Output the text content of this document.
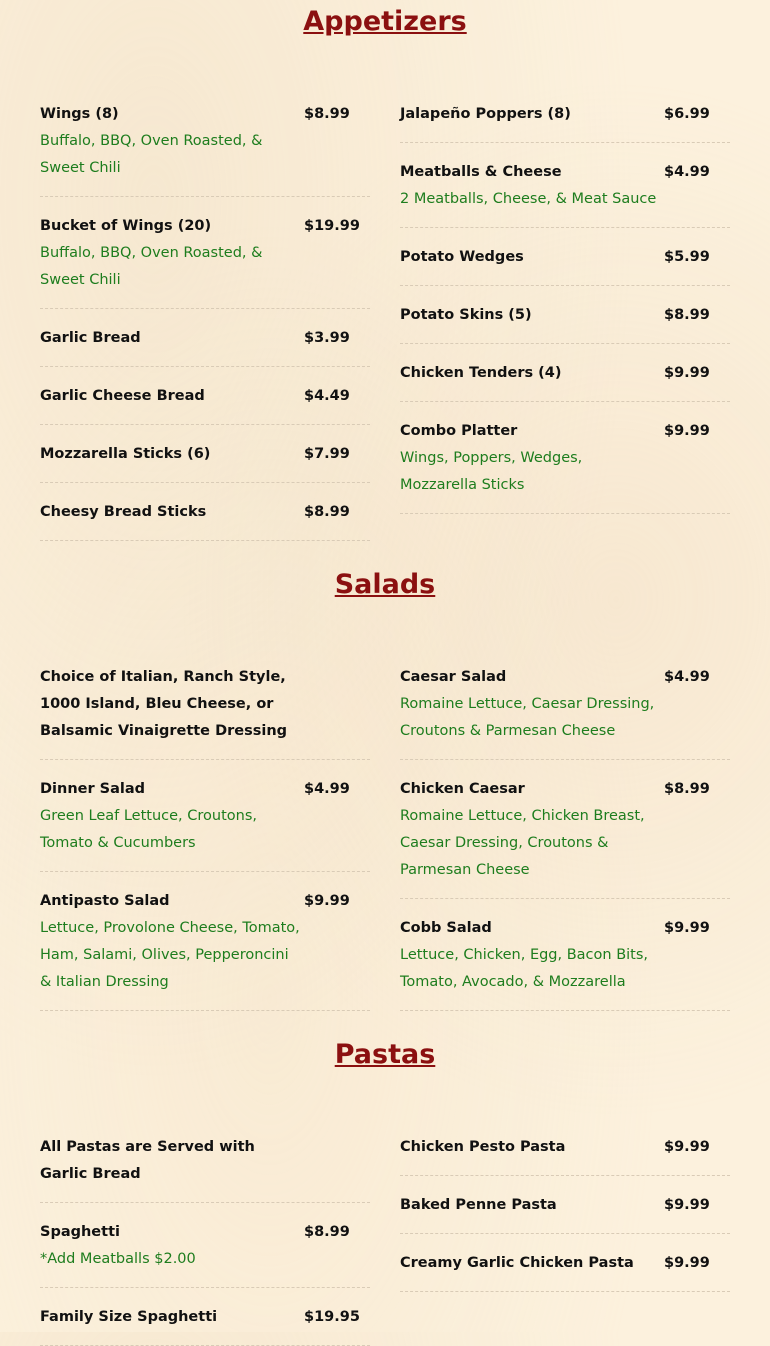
Appetizers
Wings (8)	$8.99
Buffalo, BBQ, Oven Roasted, & Sweet Chili
Bucket of Wings (20)	$19.99
Buffalo, BBQ, Oven Roasted, & Sweet Chili
Garlic Bread	$3.99
Garlic Cheese Bread	$4.49
Mozzarella Sticks (6)	$7.99
Cheesy Bread Sticks	$8.99
Jalapeño Poppers (8)	$6.99
Meatballs & Cheese	$4.99
2 Meatballs, Cheese, & Meat Sauce
Potato Wedges	$5.99
Potato Skins (5)	$8.99
Chicken Tenders (4)	$9.99
Combo Platter	$9.99
Wings, Poppers, Wedges, Mozzarella Sticks
Salads
Choice of Italian, Ranch Style, 1000 Island, Bleu Cheese, or Balsamic Vinaigrette Dressing
Dinner Salad	$4.99
Green Leaf Lettuce, Croutons, Tomato & Cucumbers
Antipasto Salad	$9.99
Lettuce, Provolone Cheese, Tomato, Ham, Salami, Olives, Pepperoncini & Italian Dressing
Caesar Salad	$4.99
Romaine Lettuce, Caesar Dressing, Croutons & Parmesan Cheese
Chicken Caesar	$8.99
Romaine Lettuce, Chicken Breast, Caesar Dressing, Croutons & Parmesan Cheese
Cobb Salad	$9.99
Lettuce, Chicken, Egg, Bacon Bits, Tomato, Avocado, & Mozzarella
Pastas
All Pastas are Served with Garlic Bread
Spaghetti	$8.99
*Add Meatballs $2.00
Family Size Spaghetti	$19.95
Chicken Pesto Pasta	$9.99
Baked Penne Pasta	$9.99
Creamy Garlic Chicken Pasta	$9.99
